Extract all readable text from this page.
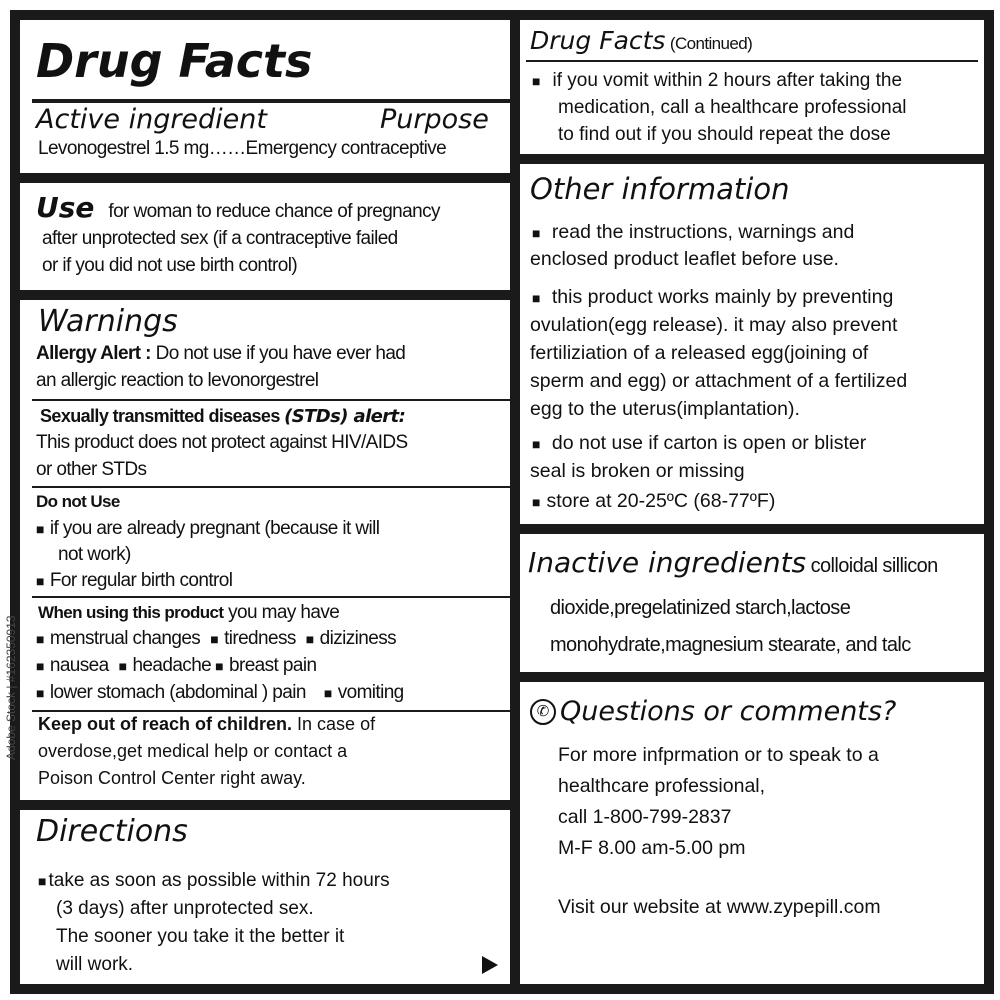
Drug Facts
Active ingredient	Purpose
Levonogestrel 1.5 mg……Emergency contraceptive
Use for woman to reduce chance of pregnancy
after unprotected sex (if a contraceptive failed
or if you did not use birth control)
Warnings
Allergy Alert : Do not use if you have ever had
an allergic reaction to levonorgestrel
Sexually transmitted diseases (STDs) alert:
This product does not protect against HIV/AIDS
or other STDs
Do not Use
■ if you are already pregnant (because it will
not work)
■ For regular birth control
When using this product you may have
■ menstrual changes ■ tiredness ■ diziziness
■ nausea ■ headache ■ breast pain
■ lower stomach (abdominal ) pain ■ vomiting
Keep out of reach of children. In case of
overdose,get medical help or contact a
Poison Control Center right away.
Directions
■ take as soon as possible within 72 hours
(3 days) after unprotected sex.
The sooner you take it the better it
will work.
Drug Facts (Continued)
■ if you vomit within 2 hours after taking the
medication, call a healthcare professional
to find out if you should repeat the dose
Other information
■ read the instructions, warnings and
enclosed product leaflet before use.
■ this product works mainly by preventing
ovulation(egg release). it may also prevent
fertiliziation of a released egg(joining of
sperm and egg) or attachment of a fertilized
egg to the uterus(implantation).
■ do not use if carton is open or blister
seal is broken or missing
■ store at 20-25ºC (68-77ºF)
Inactive ingredients colloidal sillicon
dioxide,pregelatinized starch,lactose
monohydrate,magnesium stearate, and talc
✆ Questions or comments?
For more infprmation or to speak to a
healthcare professional,
call 1-800-799-2837
M-F 8.00 am-5.00 pm
Visit our website at www.zypepill.com
Adobe Stock | #162350913
